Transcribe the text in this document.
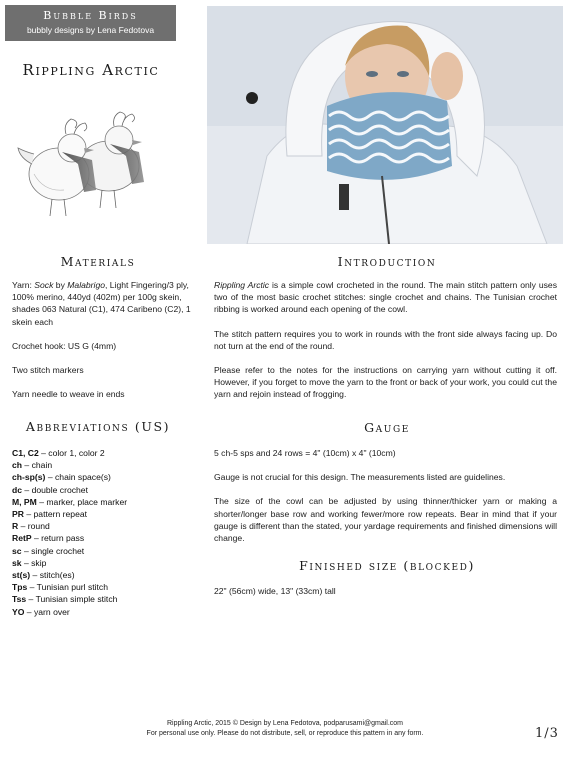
Bubble Birds
bubbly designs by Lena Fedotova
Rippling Arctic
Materials

Yarn: Sock by Malabrigo, Light Fingering/3 ply, 100% merino, 440yd (402m) per 100g skein, shades 063 Natural (C1), 474 Caribeno (C2), 1 skein each

Crochet hook: US G (4mm)

Two stitch markers

Yarn needle to weave in ends

Abbreviations (US)
C1, C2 – color 1, color 2
ch – chain
ch-sp(s) – chain space(s)
dc – double crochet
M, PM – marker, place marker
PR – pattern repeat
R – round
RetP – return pass
sc – single crochet
sk – skip
st(s) – stitch(es)
Tps – Tunisian purl stitch
Tss – Tunisian simple stitch
YO – yarn over
Introduction

Rippling Arctic is a simple cowl crocheted in the round. The main stitch pattern only uses two of the most basic crochet stitches: single crochet and chains. The Tunisian crochet ribbing is worked around each opening of the cowl.

The stitch pattern requires you to work in rounds with the front side always facing up. Do not turn at the end of the round.

Please refer to the notes for the instructions on carrying yarn without cutting it off. However, if you forget to move the yarn to the front or back of your work, you could cut the yarn and rejoin instead of frogging.

Gauge

5 ch-5 sps and 24 rows = 4" (10cm) x 4" (10cm)

Gauge is not crucial for this design. The measurements listed are guidelines.

The size of the cowl can be adjusted by using thinner/thicker yarn or making a shorter/longer base row and working fewer/more row repeats. Bear in mind that if your gauge is different than the stated, your yardage requirements and finished dimensions will change.

Finished size (blocked)
22" (56cm) wide, 13" (33cm) tall
Rippling Arctic, 2015 © Design by Lena Fedotova, podparusami@gmail.com
For personal use only. Please do not distribute, sell, or reproduce this pattern in any form.	1/3
